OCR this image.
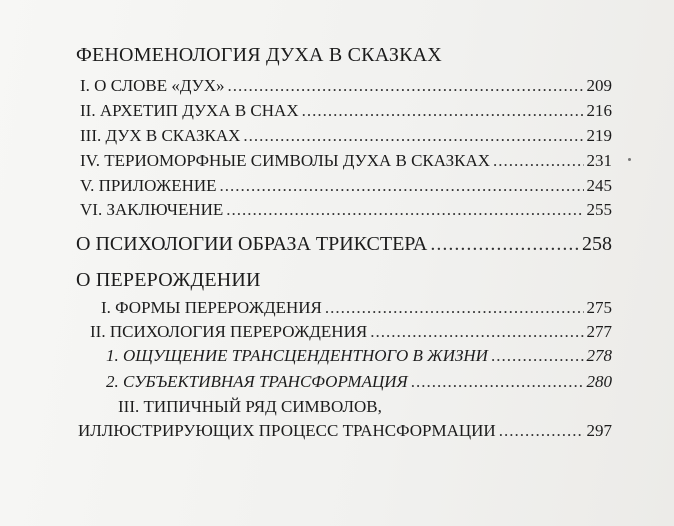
ФЕНОМЕНОЛОГИЯ ДУХА В СКАЗКАХ
I. О СЛОВЕ «ДУХ» .....	209
II. АРХЕТИП ДУХА В СНАХ .....	216
III. ДУХ В СКАЗКАХ .....	219
IV. ТЕРИОМОРФНЫЕ СИМВОЛЫ ДУХА В СКАЗКАХ .....	231
V. ПРИЛОЖЕНИЕ .....	245
VI. ЗАКЛЮЧЕНИЕ .....	255
О ПСИХОЛОГИИ ОБРАЗА ТРИКСТЕРА .....	258
О ПЕРЕРОЖДЕНИИ
I. ФОРМЫ ПЕРЕРОЖДЕНИЯ .....	275
II. ПСИХОЛОГИЯ ПЕРЕРОЖДЕНИЯ .....	277
1. ОЩУЩЕНИЕ ТРАНСЦЕНДЕНТНОГО В ЖИЗНИ .....	278
2. СУБЪЕКТИВНАЯ ТРАНСФОРМАЦИЯ .....	280
III. ТИПИЧНЫЙ РЯД СИМВОЛОВ,
ИЛЛЮСТРИРУЮЩИХ ПРОЦЕСС ТРАНСФОРМАЦИИ .....	297
